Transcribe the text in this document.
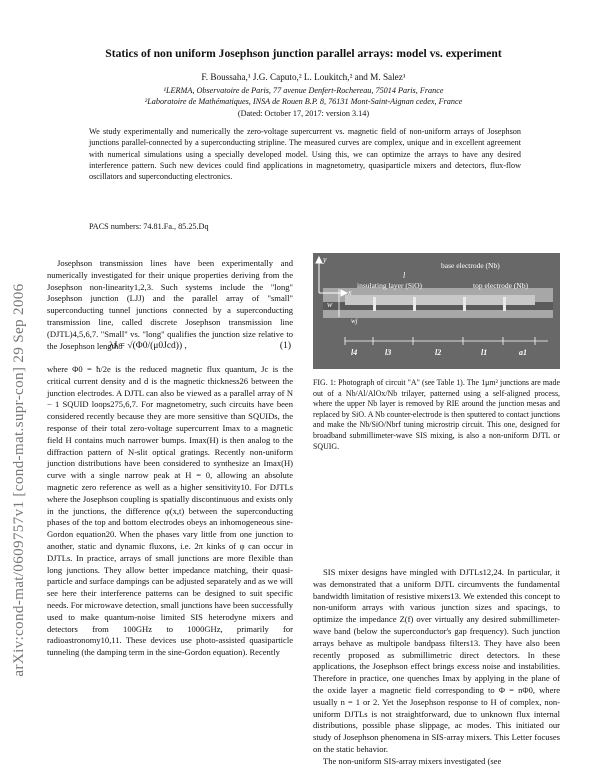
arXiv:cond-mat/0609757v1 [cond-mat.supr-con] 29 Sep 2006
Statics of non uniform Josephson junction parallel arrays: model vs. experiment
F. Boussaha,¹ J.G. Caputo,² L. Loukitch,² and M. Salez¹
¹LERMA, Observatoire de Paris, 77 avenue Denfert-Rochereau, 75014 Paris, France
²Laboratoire de Mathématiques, INSA de Rouen B.P. 8, 76131 Mont-Saint-Aignan cedex, France
(Dated: October 17, 2017: version 3.14)
We study experimentally and numerically the zero-voltage supercurrent vs. magnetic field of non-uniform arrays of Josephson junctions parallel-connected by a superconducting stripline. The measured curves are complex, unique and in excellent agreement with numerical simulations using a specially developed model. Using this, we can optimize the arrays to have any desired interference pattern. Such new devices could find applications in magnetometry, quasiparticle mixers and detectors, flux-flow oscillators and superconducting electronics.
PACS numbers: 74.81.Fa., 85.25.Dq

Josephson transmission lines have been experimentally and numerically investigated for their unique properties deriving from the Josephson non-linearity1,2,3. Such systems include the "long" Josephson junction (LJJ) and the parallel array of "small" superconducting tunnel junctions connected by a superconducting transmission line, called discrete Josephson transmission line (DJTL)4,5,6,7. "Small" vs. "long" qualifies the junction size relative to the Josephson length8

λJ = √(Φ0/(μ0Jcd)) ,	(1)

where Φ0 = ħ/2e is the reduced magnetic flux quantum, Jc is the critical current density and d is the magnetic thickness26 between the junction electrodes. A DJTL can also be viewed as a parallel array of N − 1 SQUID loops275,6,7. For magnetometry, such circuits have been considered recently because they are more sensitive than SQUIDs, the response of their total zero-voltage supercurrent Imax to a magnetic field H contains much narrower bumps. Imax(H) is then analog to the diffraction pattern of N-slit optical gratings. Recently non-uniform junction distributions have been considered to synthesize an Imax(H) curve with a single narrow peak at H = 0, allowing an absolute magnetic zero reference as well as a higher sensitivity10. For DJTLs where the Josephson coupling is spatially discontinuous and exists only in the junctions, the difference φ(x,t) between the superconducting phases of the top and bottom electrodes obeys an inhomogeneous sine-Gordon equation20. When the phases vary little from one junction to another, static and dynamic fluxons, i.e. 2π kinks of φ can occur in DJTLs. In practice, arrays of small junctions are more flexible than long junctions. They allow better impedance matching, their quasi-particle and surface dampings can be adjusted separately and as we will see here their interference patterns can be designed to suit specific needs. For microwave detection, small junctions have been successfully used to make quantum-noise limited SIS heterodyne mixers and detectors from 100GHz to 1000GHz, primarily for radioastronomy10,11. These devices use photo-assisted quasiparticle tunneling (the damping term in the sine-Gordon equation). Recently

y
x
base electrode (Nb)
insulating layer (SiO)	top electrode (Nb)
w
wj
l
l4	l3	l2	l1	a1
FIG. 1: Photograph of circuit "A" (see Table 1). The 1μm² junctions are made out of a Nb/Al/AlOx/Nb trilayer, patterned using a self-aligned process, where the upper Nb layer is removed by RIE around the junction mesas and replaced by SiO. A Nb counter-electrode is then sputtered to contact junctions and make the Nb/SiO/Nbrf tuning microstrip circuit. This one, designed for broadband submillimeter-wave SIS mixing, is also a non-uniform DJTL or SQUIG.

SIS mixer designs have mingled with DJTLs12,24. In particular, it was demonstrated that a uniform DJTL circumvents the fundamental bandwidth limitation of resistive mixers13. We extended this concept to non-uniform arrays with various junction sizes and spacings, to optimize the impedance Z(f) over virtually any desired submillimeter-wave band (below the superconductor's gap frequency). Such junction arrays behave as multipole bandpass filters13. They have also been recently proposed as submillimetric direct detectors. In these applications, the Josephson effect brings excess noise and instabilities. Therefore in practice, one quenches Imax by applying in the plane of the oxide layer a magnetic field corresponding to Φ = nΦ0, where usually n = 1 or 2. Yet the Josephson response to H of complex, non-uniform DJTLs is not straightforward, due to unknown flux internal distributions, possible phase slippage, ac modes. This initiated our study of Josephson phenomena in SIS-array mixers. This Letter focuses on the static behavior.

The non-uniform SIS-array mixers investigated (see
